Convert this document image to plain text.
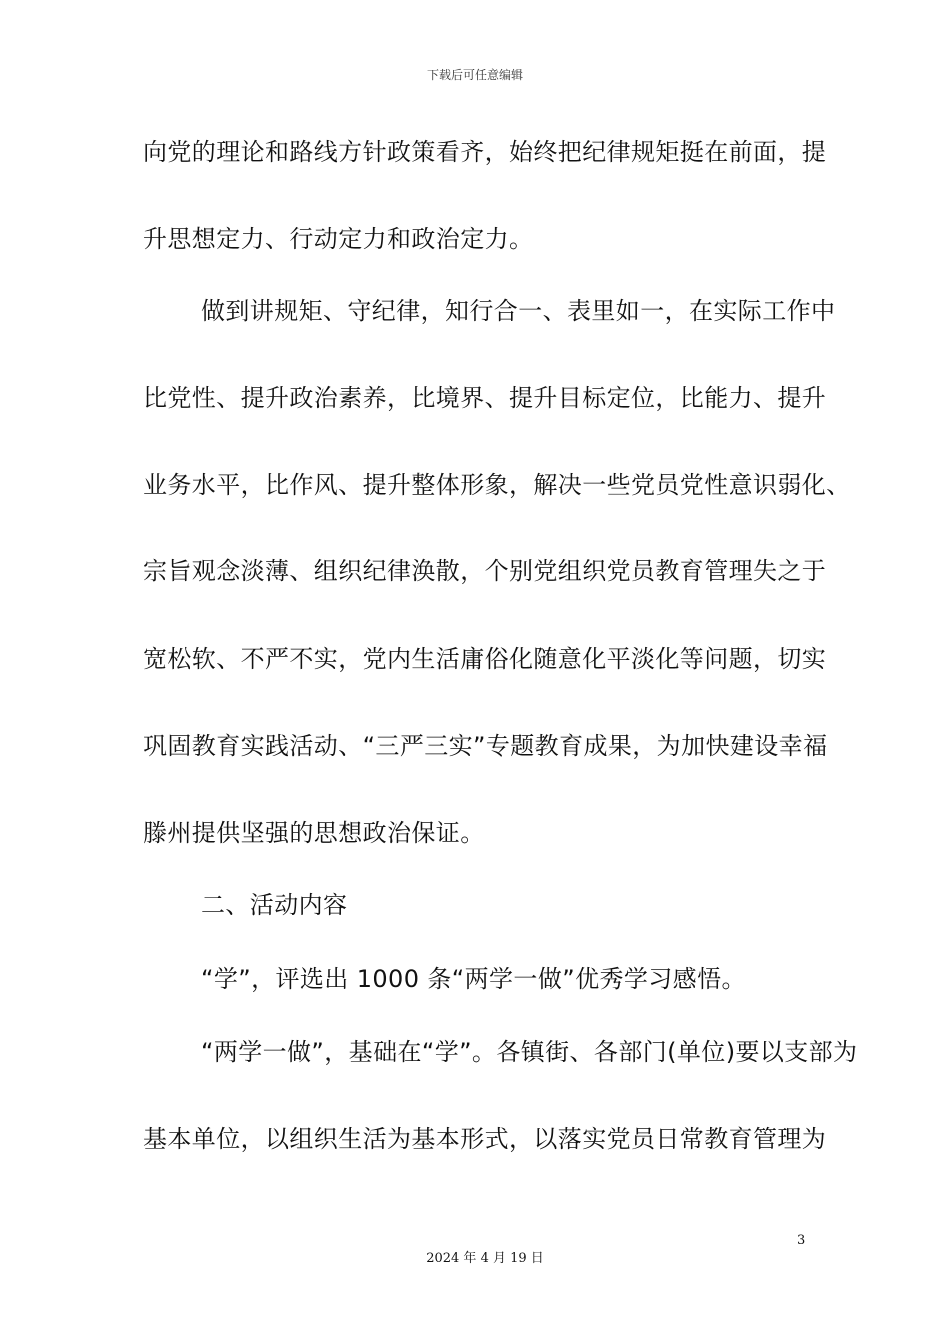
下载后可任意编辑
向党的理论和路线方针政策看齐，始终把纪律规矩挺在前面，提
升思想定力、行动定力和政治定力。
做到讲规矩、守纪律，知行合一、表里如一，在实际工作中
比党性、提升政治素养，比境界、提升目标定位，比能力、提升
业务水平，比作风、提升整体形象，解决一些党员党性意识弱化、
宗旨观念淡薄、组织纪律涣散，个别党组织党员教育管理失之于
宽松软、不严不实，党内生活庸俗化随意化平淡化等问题，切实
巩固教育实践活动、“三严三实”专题教育成果，为加快建设幸福
滕州提供坚强的思想政治保证。
二、活动内容
“学”，评选出 1000 条“两学一做”优秀学习感悟。
“两学一做”，基础在“学”。各镇街、各部门(单位)要以支部为
基本单位，以组织生活为基本形式，以落实党员日常教育管理为
3
2024 年 4 月 19 日
